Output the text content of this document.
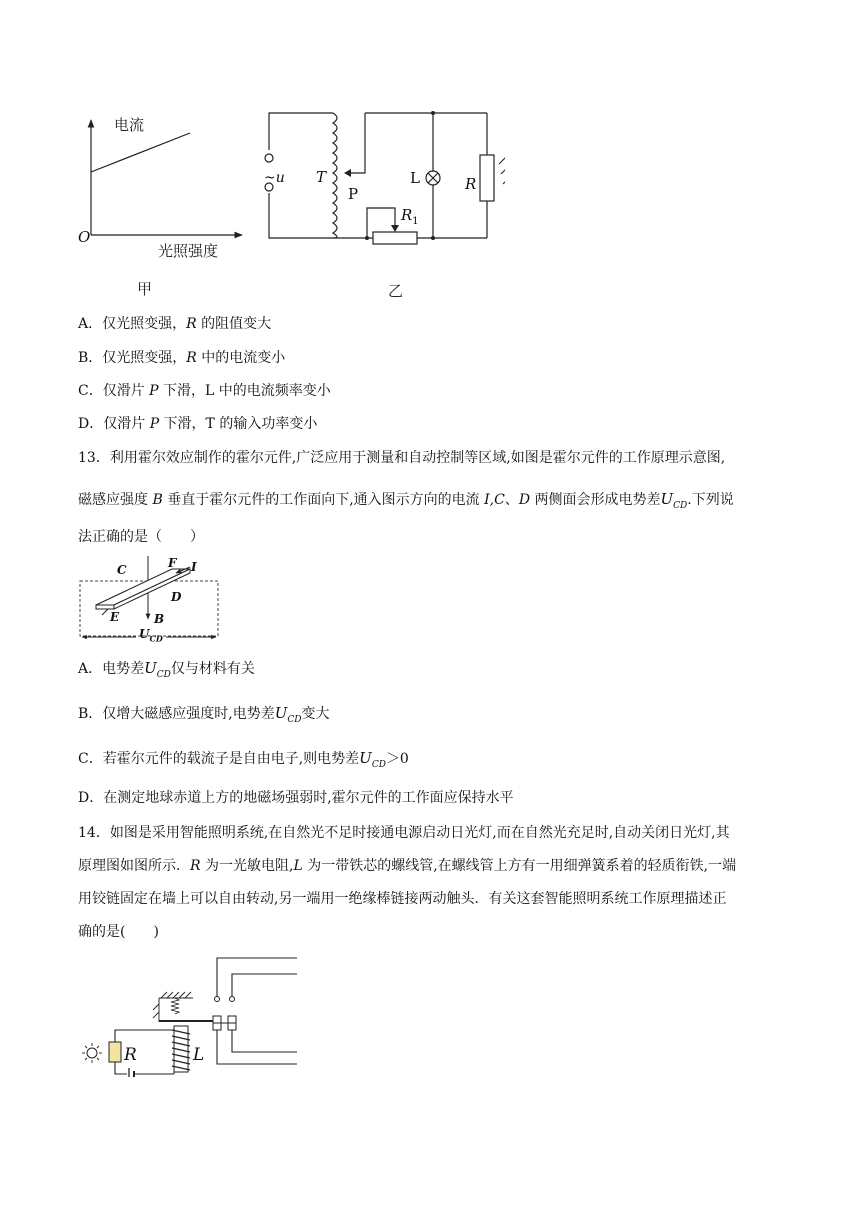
电流
光照强度
O
甲
~u T
P
$R_1$
L	R
乙
A．仅光照变强，R 的阻值变大
B．仅光照变强，R 中的电流变小
C．仅滑片 P 下滑，L 中的电流频率变小
D．仅滑片 P 下滑，T 的输入功率变小
13．利用霍尔效应制作的霍尔元件,广泛应用于测量和自动控制等区域,如图是霍尔元件的工作原理示意图,
磁感应强度 B 垂直于霍尔元件的工作面向下,通入图示方向的电流 I,C、D 两侧面会形成电势差$U_{CD}$.下列说
法正确的是（　　）
C	F I
D
E	B
$U_{CD}$
A．电势差$U_{CD}$仅与材料有关
B．仅增大磁感应强度时,电势差$U_{CD}$变大
C．若霍尔元件的载流子是自由电子,则电势差$U_{CD}>0$
D．在测定地球赤道上方的地磁场强弱时,霍尔元件的工作面应保持水平
14．如图是采用智能照明系统,在自然光不足时接通电源启动日光灯,而在自然光充足时,自动关闭日光灯,其
原理图如图所示．R 为一光敏电阻,L 为一带铁芯的螺线管,在螺线管上方有一用细弹簧系着的轻质衔铁,一端
用铰链固定在墙上可以自由转动,另一端用一绝缘棒链接两动触头．有关这套智能照明系统工作原理描述正
确的是(　　)
R	L
